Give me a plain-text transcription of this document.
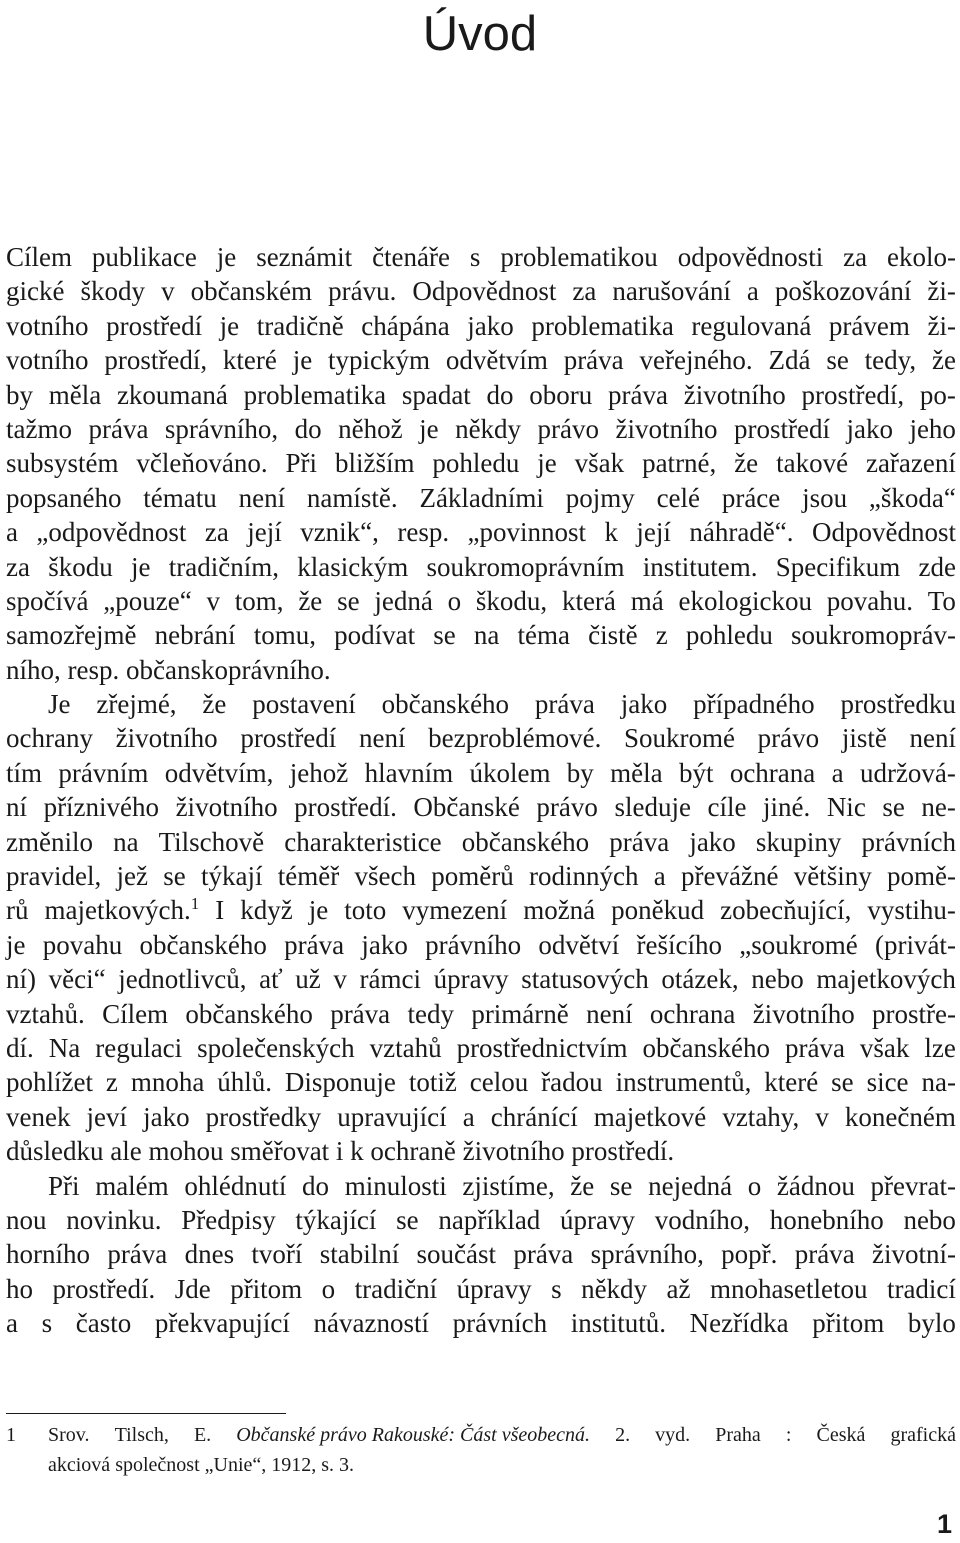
Úvod
Cílem publikace je seznámit čtenáře s problematikou odpovědnosti za ekolo-
gické škody v občanském právu. Odpovědnost za narušování a poškozování ži-
votního prostředí je tradičně chápána jako problematika regulovaná právem ži-
votního prostředí, které je typickým odvětvím práva veřejného. Zdá se tedy, že
by měla zkoumaná problematika spadat do oboru práva životního prostředí, po-
tažmo práva správního, do něhož je někdy právo životního prostředí jako jeho
subsystém včleňováno. Při bližším pohledu je však patrné, že takové zařazení
popsaného tématu není namístě. Základními pojmy celé práce jsou „škoda“
a „odpovědnost za její vznik“, resp. „povinnost k její náhradě“. Odpovědnost
za škodu je tradičním, klasickým soukromoprávním institutem. Specifikum zde
spočívá „pouze“ v tom, že se jedná o škodu, která má ekologickou povahu. To
samozřejmě nebrání tomu, podívat se na téma čistě z pohledu soukromopráv-
ního, resp. občanskoprávního.
Je zřejmé, že postavení občanského práva jako případného prostředku
ochrany životního prostředí není bezproblémové. Soukromé právo jistě není
tím právním odvětvím, jehož hlavním úkolem by měla být ochrana a udržová-
ní příznivého životního prostředí. Občanské právo sleduje cíle jiné. Nic se ne-
změnilo na Tilschově charakteristice občanského práva jako skupiny právních
pravidel, jež se týkají téměř všech poměrů rodinných a převážné většiny pomě-
rů majetkových.$^1$ I když je toto vymezení možná poněkud zobecňující, vystihu-
je povahu občanského práva jako právního odvětví řešícího „soukromé (privát-
ní) věci“ jednotlivců, ať už v rámci úpravy statusových otázek, nebo majetkových
vztahů. Cílem občanského práva tedy primárně není ochrana životního prostře-
dí. Na regulaci společenských vztahů prostřednictvím občanského práva však lze
pohlížet z mnoha úhlů. Disponuje totiž celou řadou instrumentů, které se sice na-
venek jeví jako prostředky upravující a chránící majetkové vztahy, v konečném
důsledku ale mohou směřovat i k ochraně životního prostředí.
Při malém ohlédnutí do minulosti zjistíme, že se nejedná o žádnou převrat-
nou novinku. Předpisy týkající se například úpravy vodního, honebního nebo
horního práva dnes tvoří stabilní součást práva správního, popř. práva životní-
ho prostředí. Jde přitom o tradiční úpravy s někdy až mnohasetletou tradicí
a s často překvapující návazností právních institutů. Nezřídka přitom bylo
1 Srov. Tilsch, E. Občanské právo Rakouské: Část všeobecná. 2. vyd. Praha : Česká grafická
akciová společnost „Unie“, 1912, s. 3.
1
